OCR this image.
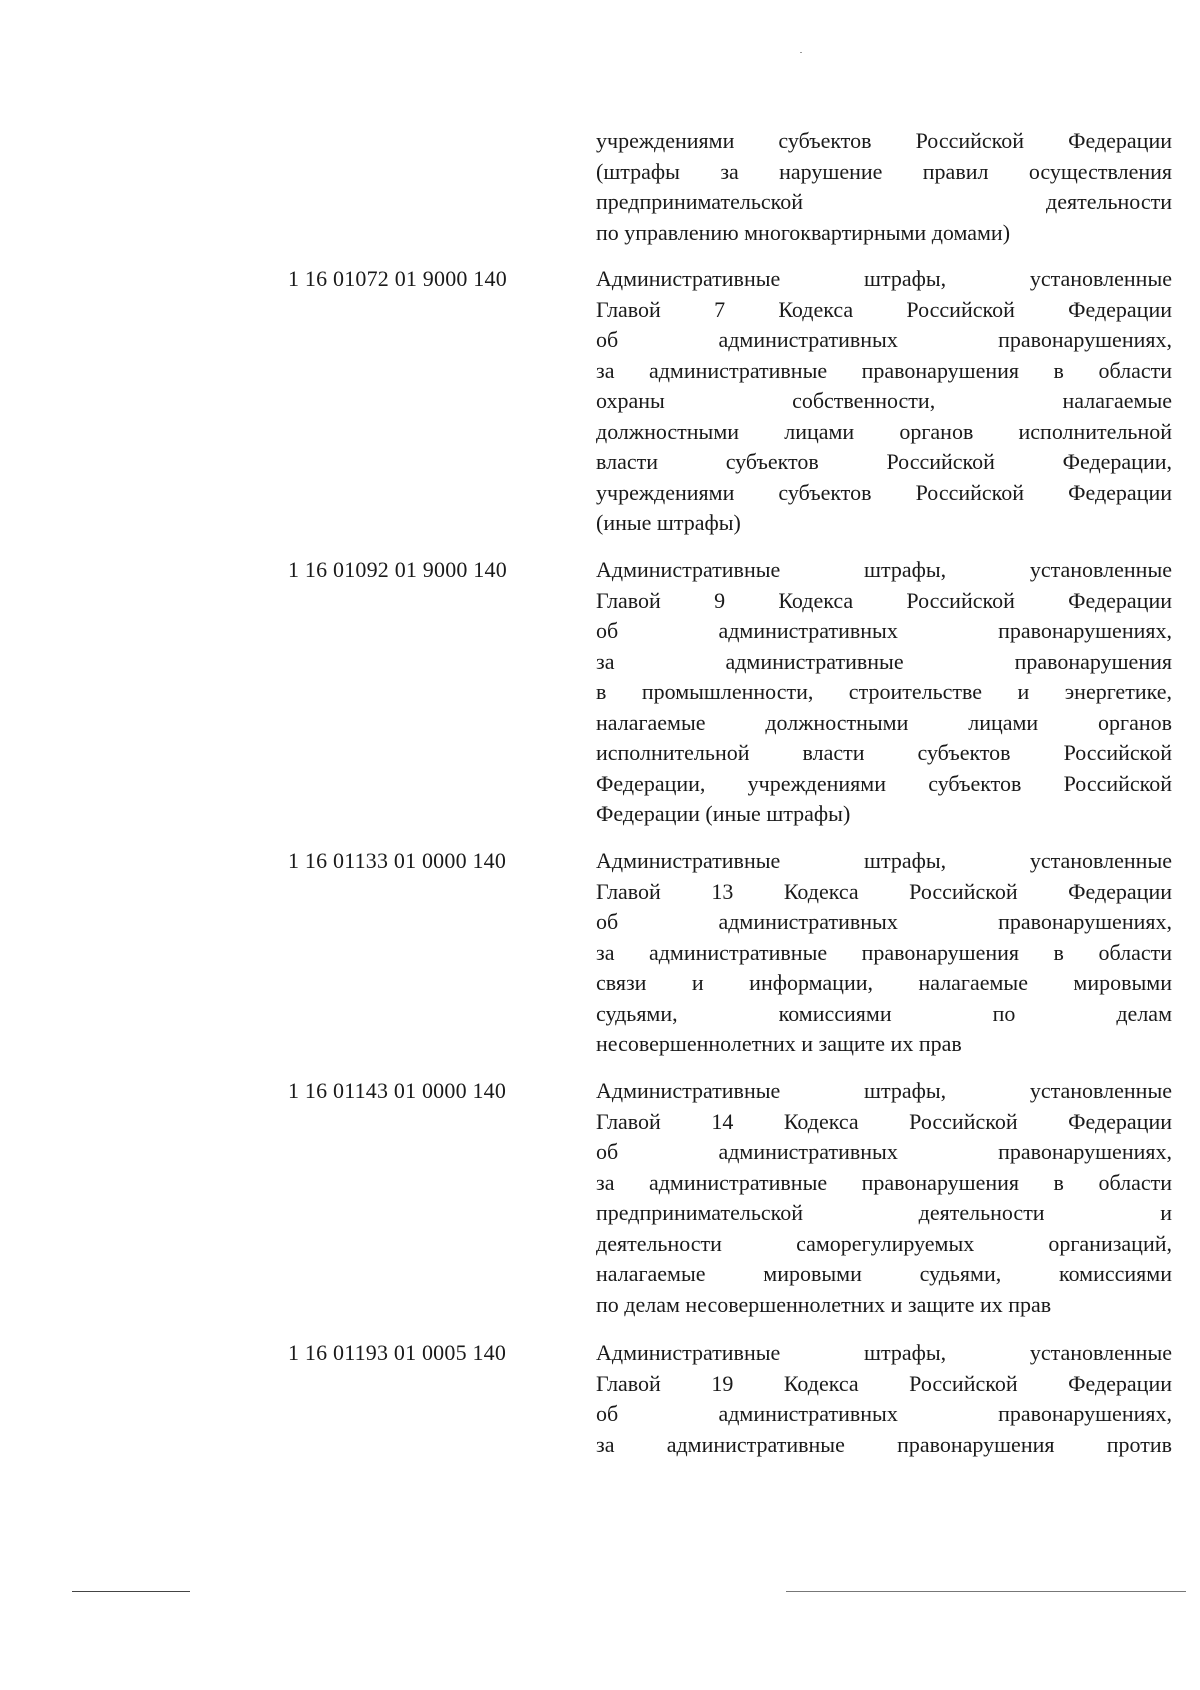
учреждениями субъектов Российской Федерации
(штрафы за нарушение правил осуществления
предпринимательской деятельности
по управлению многоквартирными домами)
1 16 01072 01 9000 140	Административные штрафы, установленные
Главой 7 Кодекса Российской Федерации
об административных правонарушениях,
за административные правонарушения в области
охраны собственности, налагаемые
должностными лицами органов исполнительной
власти субъектов Российской Федерации,
учреждениями субъектов Российской Федерации
(иные штрафы)
1 16 01092 01 9000 140	Административные штрафы, установленные
Главой 9 Кодекса Российской Федерации
об административных правонарушениях,
за административные правонарушения
в промышленности, строительстве и энергетике,
налагаемые должностными лицами органов
исполнительной власти субъектов Российской
Федерации, учреждениями субъектов Российской
Федерации (иные штрафы)
1 16 01133 01 0000 140	Административные штрафы, установленные
Главой 13 Кодекса Российской Федерации
об административных правонарушениях,
за административные правонарушения в области
связи и информации, налагаемые мировыми
судьями, комиссиями по делам
несовершеннолетних и защите их прав
1 16 01143 01 0000 140	Административные штрафы, установленные
Главой 14 Кодекса Российской Федерации
об административных правонарушениях,
за административные правонарушения в области
предпринимательской деятельности и
деятельности саморегулируемых организаций,
налагаемые мировыми судьями, комиссиями
по делам несовершеннолетних и защите их прав
1 16 01193 01 0005 140	Административные штрафы, установленные
Главой 19 Кодекса Российской Федерации
об административных правонарушениях,
за административные правонарушения против
